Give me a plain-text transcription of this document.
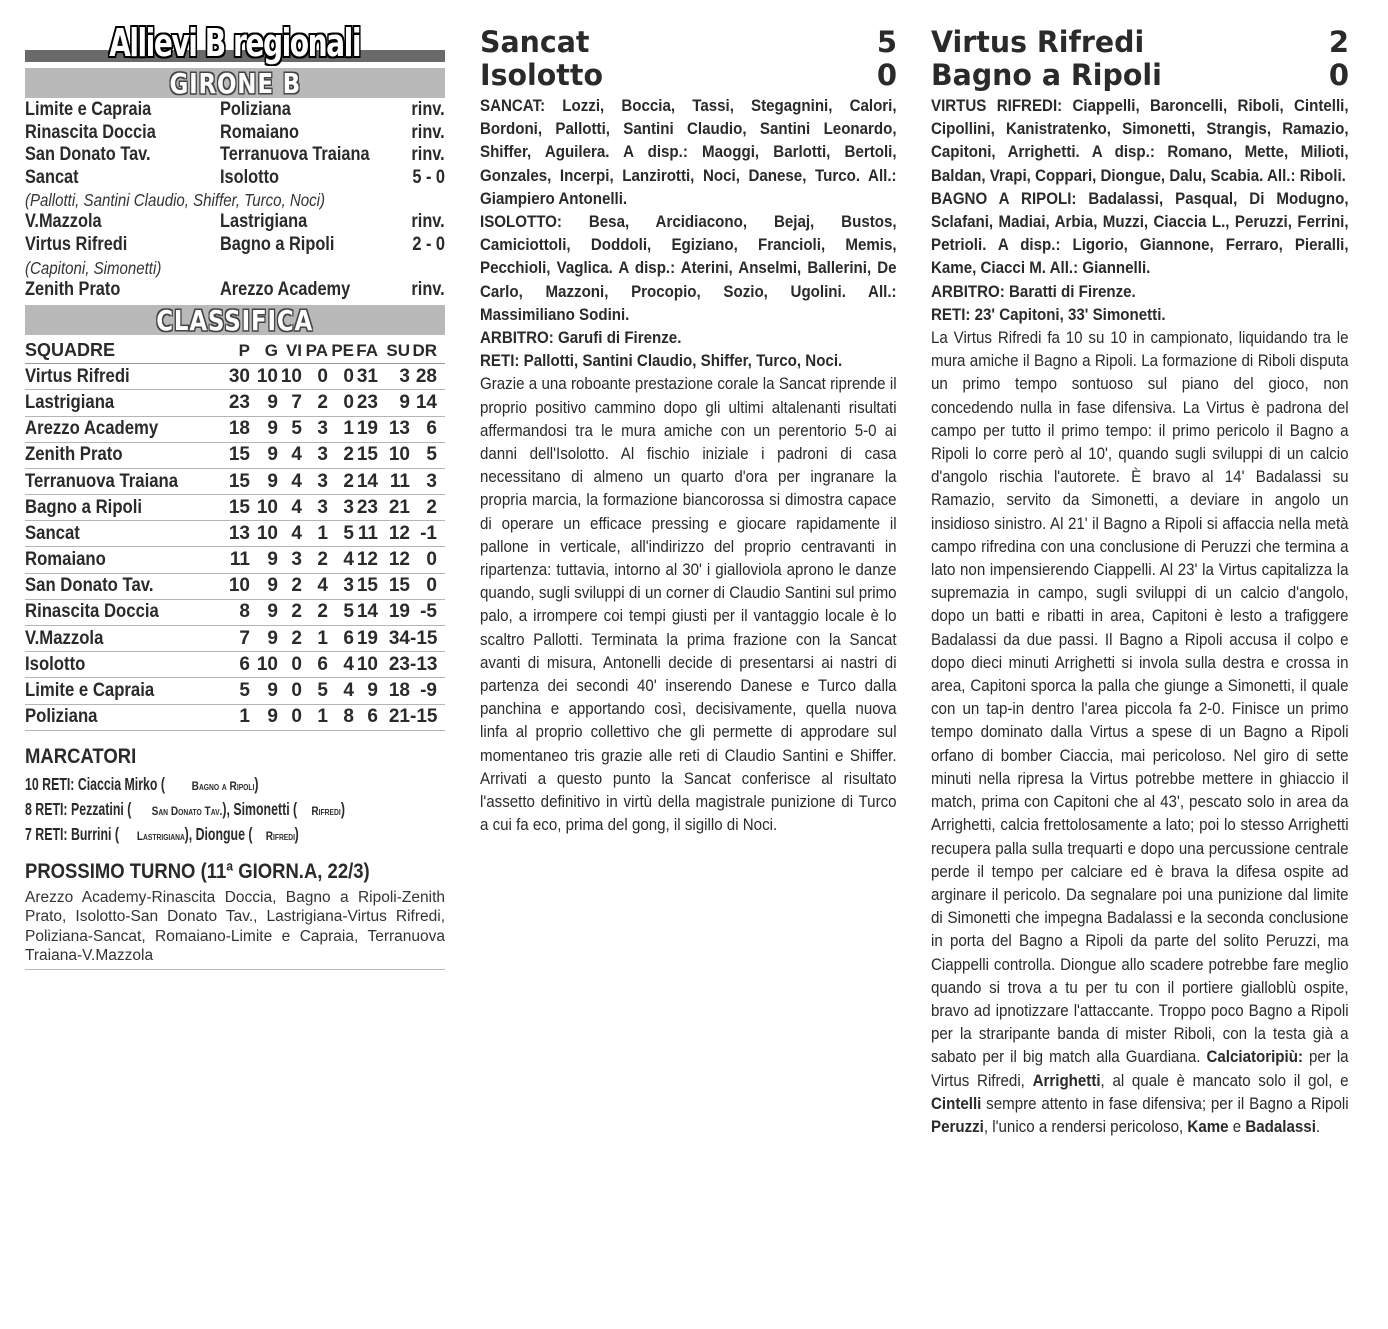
Allievi B regionali
GIRONE B
Limite e Capraia	Poliziana	rinv.
Rinascita Doccia	Romaiano	rinv.
San Donato Tav.	Terranuova Traiana rinv.
Sancat	Isolotto	5 - 0
(Pallotti, Santini Claudio, Shiffer, Turco, Noci)
V.Mazzola	Lastrigiana	rinv.
Virtus Rifredi	Bagno a Ripoli	2 - 0
(Capitoni, Simonetti)
Zenith Prato	Arezzo Academy	rinv.
CLASSIFICA
SQUADRE	P G VI PA PE FA SU DR
Virtus Rifredi	30 10 10 0 0 31	3 28
Lastrigiana	23 9 7 2 0 23	9 14
Arezzo Academy	18 9 5 3 1 19 13 6
Zenith Prato	15 9 4 3 2 15 10 5
Terranuova Traiana	15 9 4 3 2 14 11 3
Bagno a Ripoli	15 10 4 3 3 23 21 2
Sancat	13 10 4 1 5 11 12 -1
Romaiano	11 9 3 2 4 12 12 0
San Donato Tav.	10 9 2 4 3 15 15 0
Rinascita Doccia	8 9 2 2 5 14 19 -5
V.Mazzola	7 9 2 1 6 19 34 -15
Isolotto	6 10 0 6 4 10 23 -13
Limite e Capraia	5 9 0 5 4 9 18 -9
Poliziana	1 9 0 1 8 6 21 -15
MARCATORI
10 RETI: Ciaccia Mirko ( Bagno a Ripoli)
8 RETI: Pezzatini ( San Donato Tav.), Simonetti ( Rifredi)
7 RETI: Burrini ( Lastrigiana), Diongue ( Rifredi)
PROSSIMO TURNO (11ª GIORN.A, 22/3)
Arezzo Academy-Rinascita Doccia, Bagno a Ripoli-Zenith Prato, Isolotto-San Donato Tav., Lastrigiana-Virtus Rifredi, Poliziana-Sancat, Romaiano-Limite e Capraia, Terranuova Traiana-V.Mazzola
Sancat	5
Isolotto	0

SANCAT: Lozzi, Boccia, Tassi, Stegagnini, Calori, Bordoni, Pallotti, Santini Claudio, Santini Leonardo, Shiffer, Aguilera. A disp.: Maoggi, Barlotti, Bertoli, Gonzales, Incerpi, Lanzirotti, Noci, Danese, Turco. All.: Giampiero Antonelli.

ISOLOTTO: Besa, Arcidiacono, Bejaj, Bustos, Camiciottoli, Doddoli, Egiziano, Francioli, Memis, Pecchioli, Vaglica. A disp.: Aterini, Anselmi, Ballerini, De Carlo, Mazzoni, Procopio, Sozio, Ugolini. All.: Massimiliano Sodini.

ARBITRO: Garufi di Firenze.

RETI: Pallotti, Santini Claudio, Shiffer, Turco, Noci.

Grazie a una roboante prestazione corale la Sancat riprende il proprio positivo cammino dopo gli ultimi altalenanti risultati affermandosi tra le mura amiche con un perentorio 5-0 ai danni dell'Isolotto. Al fischio iniziale i padroni di casa necessitano di almeno un quarto d'ora per ingranare la propria marcia, la formazione biancorossa si dimostra capace di operare un efficace pressing e giocare rapidamente il pallone in verticale, all'indirizzo del proprio centravanti in ripartenza: tuttavia, intorno al 30' i gialloviola aprono le danze quando, sugli sviluppi di un corner di Claudio Santini sul primo palo, a irrompere coi tempi giusti per il vantaggio locale è lo scaltro Pallotti. Terminata la prima frazione con la Sancat avanti di misura, Antonelli decide di presentarsi ai nastri di partenza dei secondi 40' inserendo Danese e Turco dalla panchina e apportando così, decisivamente, quella nuova linfa al proprio collettivo che gli permette di approdare sul momentaneo tris grazie alle reti di Claudio Santini e Shiffer. Arrivati a questo punto la Sancat conferisce al risultato l'assetto definitivo in virtù della magistrale punizione di Turco a cui fa eco, prima del gong, il sigillo di Noci.

Virtus Rifredi	2
Bagno a Ripoli	0

VIRTUS RIFREDI: Ciappelli, Baroncelli, Riboli, Cintelli, Cipollini, Kanistratenko, Simonetti, Strangis, Ramazio, Capitoni, Arrighetti. A disp.: Romano, Mette, Milioti, Baldan, Vrapi, Coppari, Diongue, Dalu, Scabia. All.: Riboli.

BAGNO A RIPOLI: Badalassi, Pasqual, Di Modugno, Sclafani, Madiai, Arbia, Muzzi, Ciaccia L., Peruzzi, Ferrini, Petrioli. A disp.: Ligorio, Giannone, Ferraro, Pieralli, Kame, Ciacci M. All.: Giannelli.

ARBITRO: Baratti di Firenze.

RETI: 23' Capitoni, 33' Simonetti.

La Virtus Rifredi fa 10 su 10 in campionato, liquidando tra le mura amiche il Bagno a Ripoli. La formazione di Riboli disputa un primo tempo sontuoso sul piano del gioco, non concedendo nulla in fase difensiva. La Virtus è padrona del campo per tutto il primo tempo: il primo pericolo il Bagno a Ripoli lo corre però al 10', quando sugli sviluppi di un calcio d'angolo rischia l'autorete. È bravo al 14' Badalassi su Ramazio, servito da Simonetti, a deviare in angolo un insidioso sinistro. Al 21' il Bagno a Ripoli si affaccia nella metà campo rifredina con una conclusione di Peruzzi che termina a lato non impensierendo Ciappelli. Al 23' la Virtus capitalizza la supremazia in campo, sugli sviluppi di un calcio d'angolo, dopo un batti e ribatti in area, Capitoni è lesto a trafiggere Badalassi da due passi. Il Bagno a Ripoli accusa il colpo e dopo dieci minuti Arrighetti si invola sulla destra e crossa in area, Capitoni sporca la palla che giunge a Simonetti, il quale con un tap-in dentro l'area piccola fa 2-0. Finisce un primo tempo dominato dalla Virtus a spese di un Bagno a Ripoli orfano di bomber Ciaccia, mai pericoloso. Nel giro di sette minuti nella ripresa la Virtus potrebbe mettere in ghiaccio il match, prima con Capitoni che al 43', pescato solo in area da Arrighetti, calcia frettolosamente a lato; poi lo stesso Arrighetti recupera palla sulla trequarti e dopo una percussione centrale perde il tempo per calciare ed è brava la difesa ospite ad arginare il pericolo. Da segnalare poi una punizione dal limite di Simonetti che impegna Badalassi e la seconda conclusione in porta del Bagno a Ripoli da parte del solito Peruzzi, ma Ciappelli controlla. Diongue allo scadere potrebbe fare meglio quando si trova a tu per tu con il portiere gialloblù ospite, bravo ad ipnotizzare l'attaccante. Troppo poco Bagno a Ripoli per la straripante banda di mister Riboli, con la testa già a sabato per il big match alla Guardiana. Calciatoripiù: per la Virtus Rifredi, Arrighetti, al quale è mancato solo il gol, e Cintelli sempre attento in fase difensiva; per il Bagno a Ripoli Peruzzi, l'unico a rendersi pericoloso, Kame e Badalassi.
